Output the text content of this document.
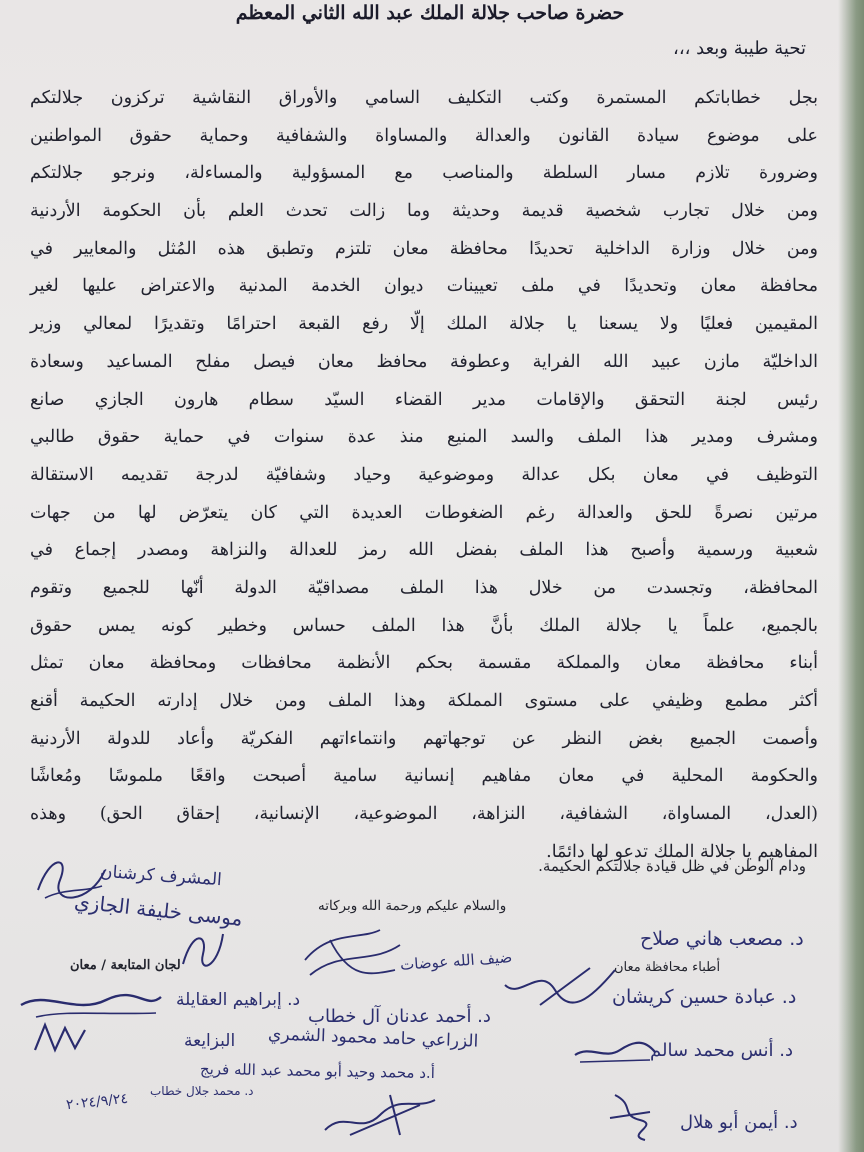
حضرة صاحب جلالة الملك عبد الله الثاني المعظم
تحية طيبة وبعد ،،،
بجل خطاباتكم المستمرة وكتب التكليف السامي والأوراق النقاشية تركزون جلالتكم
على موضوع سيادة القانون والعدالة والمساواة والشفافية وحماية حقوق المواطنين
وضرورة تلازم مسار السلطة والمناصب مع المسؤولية والمساءلة، ونرجو جلالتكم
ومن خلال تجارب شخصية قديمة وحديثة وما زالت تحدث العلم بأن الحكومة الأردنية
ومن خلال وزارة الداخلية تحديدًا محافظة معان تلتزم وتطبق هذه المُثل والمعايير في
محافظة معان وتحديدًا في ملف تعيينات ديوان الخدمة المدنية والاعتراض عليها لغير
المقيمين فعليًا ولا يسعنا يا جلالة الملك إلّا رفع القبعة احترامًا وتقديرًا لمعالي وزير
الداخليّة مازن عبيد الله الفراية وعطوفة محافظ معان فيصل مفلح المساعيد وسعادة
رئيس لجنة التحقق والإقامات مدير القضاء السيّد سطام هارون الجازي صانع
ومشرف ومدير هذا الملف والسد المنيع منذ عدة سنوات في حماية حقوق طالبي
التوظيف في معان بكل عدالة وموضوعية وحياد وشفافيّة لدرجة تقديمه الاستقالة
مرتين نصرةً للحق والعدالة رغم الضغوطات العديدة التي كان يتعرّض لها من جهات
شعبية ورسمية وأصبح هذا الملف بفضل الله رمز للعدالة والنزاهة ومصدر إجماع في
المحافظة، وتجسدت من خلال هذا الملف مصداقيّة الدولة أنّها للجميع وتقوم
بالجميع، علماً يا جلالة الملك بأنَّ هذا الملف حساس وخطير كونه يمس حقوق
أبناء محافظة معان والمملكة مقسمة بحكم الأنظمة محافظات ومحافظة معان تمثل
أكثر مطمع وظيفي على مستوى المملكة وهذا الملف ومن خلال إدارته الحكيمة أقنع
وأصمت الجميع بغض النظر عن توجهاتهم وانتماءاتهم الفكريّة وأعاد للدولة الأردنية
والحكومة المحلية في معان مفاهيم إنسانية سامية أصبحت واقعًا ملموسًا ومُعاشًا
(العدل، المساواة، الشفافية، النزاهة، الموضوعية، الإنسانية، إحقاق الحق) وهذه
المفاهيم يا جلالة الملك تدعو لها دائمًا.
ودام الوطن في ظل قيادة جلالتكم الحكيمة.
والسلام عليكم ورحمة الله وبركاته
أطباء محافظة معان
لجان المتابعة / معان
المشرف كرشنان
موسى خليفة الجازي
د. مصعب هاني صلاح
ضيف الله عوضات
د. عبادة حسين كريشان
د. أحمد عدنان آل خطاب
د. إبراهيم العقايلة
الزراعي حامد محمود الشمري
البزايعة	د. أنس محمد سالم
أ.د محمد وحيد أبو محمد عبد الله فريج
د. محمد جلال خطاب
٢٠٢٤/٩/٢٤
د. أيمن أبو هلال
